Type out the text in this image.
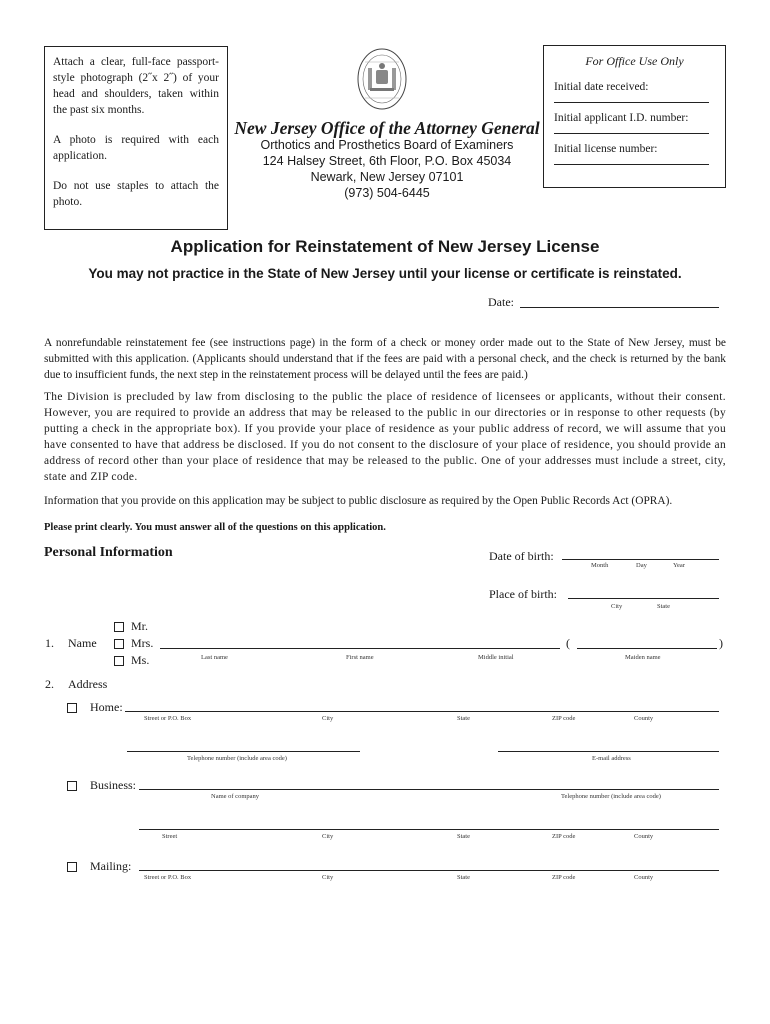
Attach a clear, full-face passport-style photograph (2˝x 2˝) of your head and shoulders, taken within the past six months.

A photo is required with each application.

Do not use staples to attach the photo.

New Jersey Office of the Attorney General
Orthotics and Prosthetics Board of Examiners
124 Halsey Street, 6th Floor, P.O. Box 45034
Newark, New Jersey 07101
(973) 504-6445
For Office Use Only
Initial date received:
Initial applicant I.D. number:
Initial license number:
Application for Reinstatement of New Jersey License
You may not practice in the State of New Jersey until your license or certificate is reinstated.
Date:
A nonrefundable reinstatement fee (see instructions page) in the form of a check or money order made out to the State of New Jersey, must be submitted with this application. (Applicants should understand that if the fees are paid with a personal check, and the check is returned by the bank due to insufficient funds, the next step in the reinstatement process will be delayed until the fees are paid.)
The Division is precluded by law from disclosing to the public the place of residence of licensees or applicants, without their consent. However, you are required to provide an address that may be released to the public in our directories or in response to other requests (by putting a check in the appropriate box). If you provide your place of residence as your public address of record, we will assume that you have consented to have that address be disclosed. If you do not consent to the disclosure of your place of residence, you should provide an address of record other than your place of residence that may be released to the public. One of your addresses must include a street, city, state and ZIP code.
Information that you provide on this application may be subject to public disclosure as required by the Open Public Records Act (OPRA).
Please print clearly. You must answer all of the questions on this application.
Personal Information	Date of birth:
Month	Day	Year
Place of birth:
City	State
Mr.
1. Name	Mrs.
Ms.
(	)
Last name	First name	Middle initial	Maiden name
2. Address
Home:
Street or P.O. Box	City	State	ZIP code	County
Telephone number (include area code)	E-mail address
Business:
Name of company	Telephone number (include area code)
Street	City	State	ZIP code	County
Mailing:
Street or P.O. Box	City	State	ZIP code	County
